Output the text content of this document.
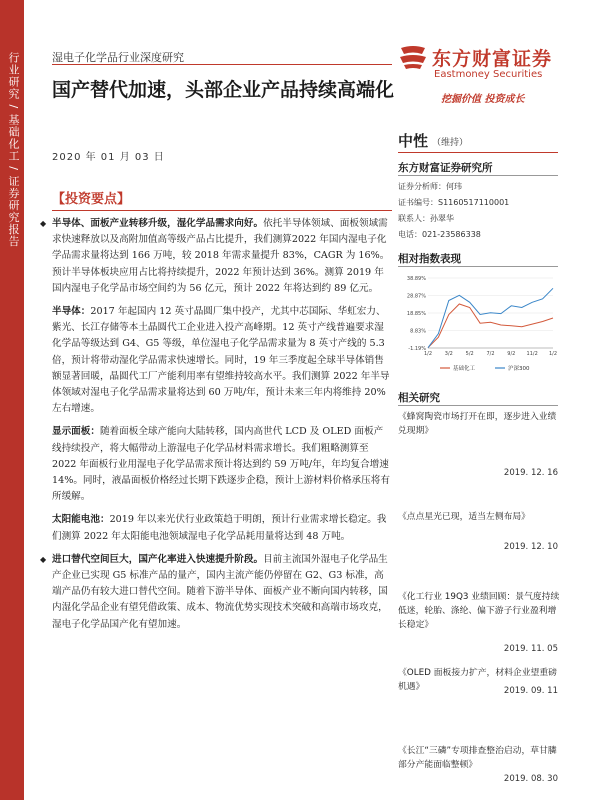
行业研究 / 基础化工 / 证券研究报告	湿电子化学品行业深度研究
国产替代加速，头部企业产品持续高端化
2020 年 01 月 03 日
【投资要点】
◆ 半导体、面板产业转移升级，湿化学品需求向好。依托半导体领域、面板领域需求快速释放以及高附加值高等级产品占比提升，我们测算2022 年国内湿电子化学品需求量将达到 166 万吨，较 2018 年需求量提升 83%，CAGR 为 16%。预计半导体板块应用占比将持续提升，2022 年预计达到 36%。测算 2019 年国内湿电子化学品市场空间约为 56 亿元，预计 2022 年将达到约 89 亿元。
半导体：2017 年起国内 12 英寸晶圆厂集中投产，尤其中芯国际、华虹宏力、紫光、长江存储等本土晶圆代工企业进入投产高峰期。12 英寸产线普遍要求湿化学品等级达到 G4、G5 等级，单位湿电子化学品需求量为 8 英寸产线的 5.3 倍，预计将带动湿化学品需求快速增长。同时，19 年三季度起全球半导体销售额显著回暖，晶圆代工厂产能利用率有望维持较高水平。我们测算 2022 年半导体领域对湿电子化学品需求量将达到 60 万吨/年，预计未来三年内将维持 20%左右增速。
显示面板：随着面板全球产能向大陆转移，国内高世代 LCD 及 OLED 面板产线持续投产，将大幅带动上游湿电子化学品材料需求增长。我们粗略测算至 2022 年面板行业用湿电子化学品需求预计将达到约 59 万吨/年，年均复合增速 14%。同时，液晶面板价格经过长期下跌逐步企稳，预计上游材料价格承压将有所缓解。
太阳能电池：2019 年以来光伏行业政策趋于明朗，预计行业需求增长稳定。我们测算 2022 年太阳能电池领域湿电子化学品耗用量将达到 48 万吨。
◆ 进口替代空间巨大，国产化率进入快速提升阶段。目前主流国外湿电子化学品生产企业已实现 G5 标准产品的量产，国内主流产能仍停留在 G2、G3 标准，高端产品仍有较大进口替代空间。随着下游半导体、面板产业不断向国内转移，国内湿化学品企业有望凭借政策、成本、物流优势实现技术突破和高端市场攻克，湿电子化学品国产化有望加速。
东方财富证券
Eastmoney Securities
挖掘价值 投资成长
中性 （维持）
东方财富证券研究所
证券分析师：何玮
证书编号：S1160517110001
联系人：孙翠华
电话：021-23586338
相对指数表现
38.89%
28.87%
18.85%
8.83%
-1.19%
1/2	3/2	5/2	7/2	9/2 11/2 1/2
基础化工	沪深300
相关研究
《蜂窝陶瓷市场打开在即，逐步进入业绩兑现期》
2019. 12. 16
《点点星光已现，适当左侧布局》
2019. 12. 10
《化工行业 19Q3 业绩回顾：景气度持续低迷，轮胎、涤纶、偏下游子行业盈利增长稳定》
2019. 11. 05
《OLED 面板接力扩产，材料企业望重磅机遇》	2019. 09. 11
《长江“三磷”专项排查整治启动，草甘膦部分产能面临整顿》
2019. 08. 30
